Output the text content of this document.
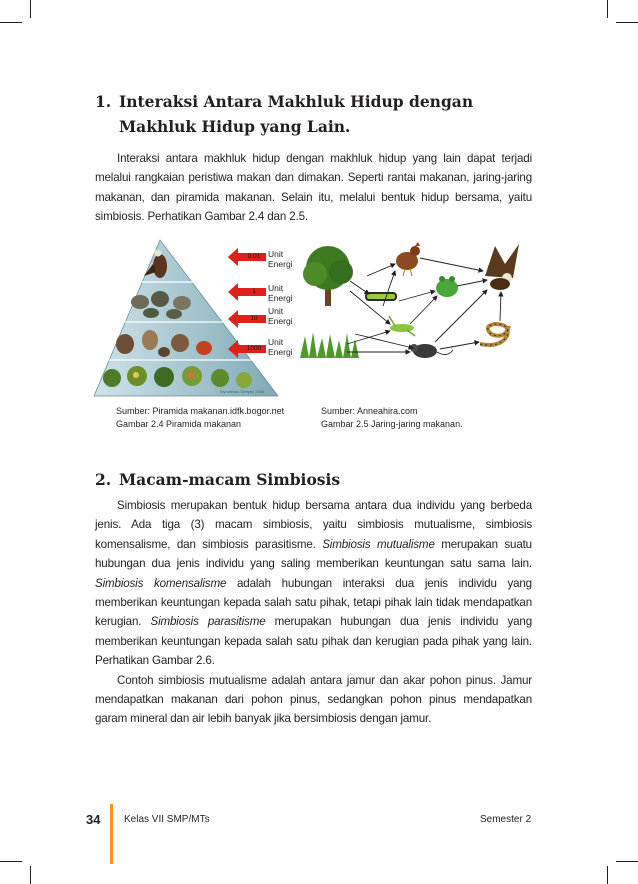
1. Interaksi Antara Makhluk Hidup dengan
Makhluk Hidup yang Lain.

Interaksi antara makhluk hidup dengan makhluk hidup yang lain dapat terjadi melalui rangkaian peristiwa makan dan dimakan. Seperti rantai makanan, jaring-jaring makanan, dan piramida makanan. Selain itu, melalui bentuk hidup bersama, yaitu simbiosis. Perhatikan Gambar 2.4 dan 2.5.

Biyowesan Deepthi 2006
0.01
1
10
1000
Unit
Energi
Unit
Energi
Unit
Energi
Unit
Energi
Sumber: Piramida makanan.idfk.bogor.net
Gambar 2.4 Piramida makanan
Sumber: Anneahira.com
Gambar 2.5 Jaring-jaring makanan.
2. Macam-macam Simbiosis

Simbiosis merupakan bentuk hidup bersama antara dua individu yang berbeda jenis. Ada tiga (3) macam simbiosis, yaitu simbiosis mutualisme, simbiosis komensalisme, dan simbiosis parasitisme. Simbiosis mutualisme merupakan suatu hubungan dua jenis individu yang saling memberikan keuntungan satu sama lain. Simbiosis komensalisme adalah hubungan interaksi dua jenis individu yang memberikan keuntungan kepada salah satu pihak, tetapi pihak lain tidak mendapatkan kerugian. Simbiosis parasitisme merupakan hubungan dua jenis individu yang memberikan keuntungan kepada salah satu pihak dan kerugian pada pihak yang lain. Perhatikan Gambar 2.6.

Contoh simbiosis mutualisme adalah antara jamur dan akar pohon pinus. Jamur mendapatkan makanan dari pohon pinus, sedangkan pohon pinus mendapatkan garam mineral dan air lebih banyak jika bersimbiosis dengan jamur.

34 Kelas VII SMP/MTs	Semester 2
